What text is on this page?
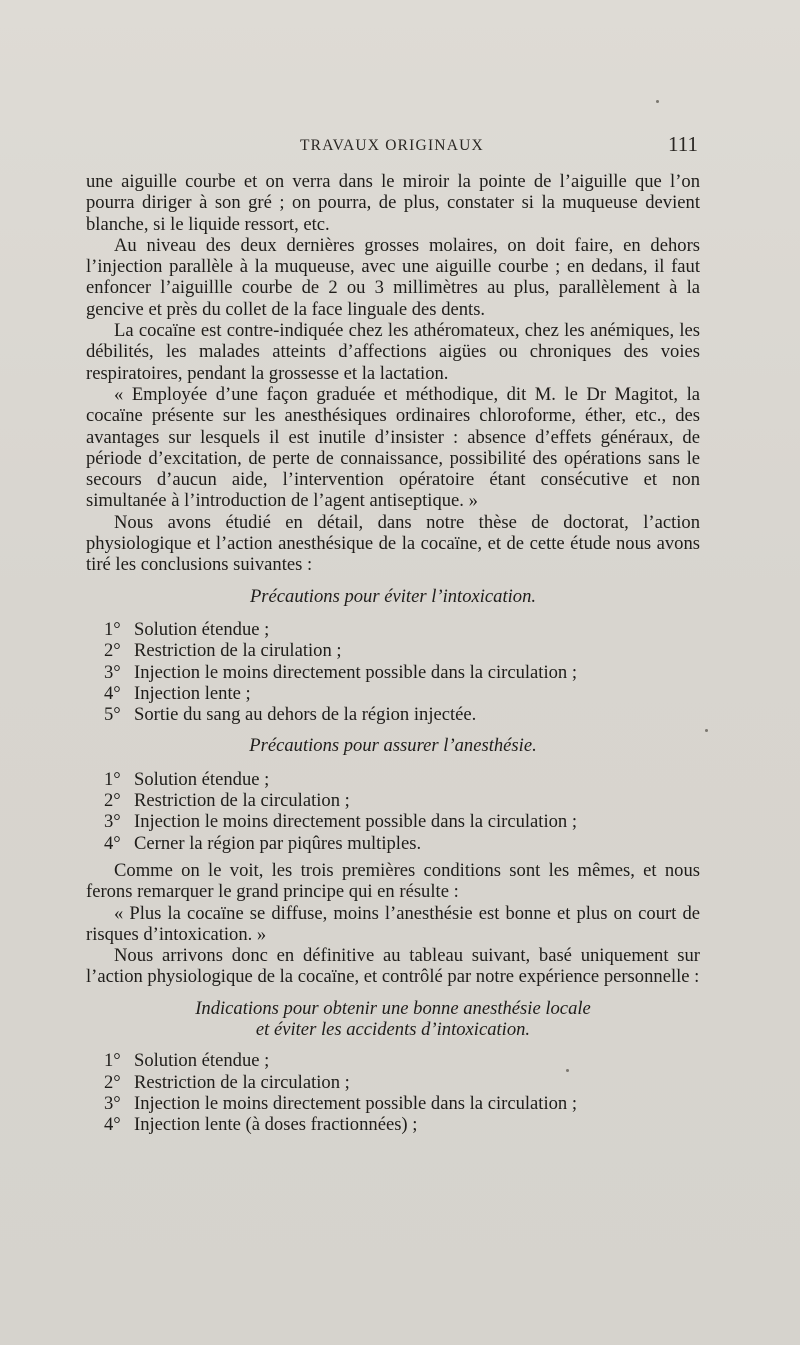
TRAVAUX ORIGINAUX	111

une aiguille courbe et on verra dans le miroir la pointe de l’aiguille que l’on pourra diriger à son gré ; on pourra, de plus, constater si la muqueuse devient blanche, si le liquide ressort, etc.

Au niveau des deux dernières grosses molaires, on doit faire, en dehors l’injection parallèle à la muqueuse, avec une aiguille courbe ; en dedans, il faut enfoncer l’aiguillle courbe de 2 ou 3 millimètres au plus, parallèlement à la gencive et près du collet de la face linguale des dents.

La cocaïne est contre-indiquée chez les athéromateux, chez les anémiques, les débilités, les malades atteints d’affections aigües ou chroniques des voies respiratoires, pendant la grossesse et la lactation.

« Employée d’une façon graduée et méthodique, dit M. le Dr Magitot, la cocaïne présente sur les anesthésiques ordinaires chloroforme, éther, etc., des avantages sur lesquels il est inutile d’insister : absence d’effets généraux, de période d’excitation, de perte de connaissance, possibilité des opérations sans le secours d’aucun aide, l’intervention opératoire étant consécutive et non simultanée à l’introduction de l’agent antiseptique. »

Nous avons étudié en détail, dans notre thèse de doctorat, l’action physiologique et l’action anesthésique de la cocaïne, et de cette étude nous avons tiré les conclusions suivantes :

Précautions pour éviter l’intoxication.
1° Solution étendue ;
2° Restriction de la cirulation ;
3° Injection le moins directement possible dans la circulation ;
4° Injection lente ;
5° Sortie du sang au dehors de la région injectée.
Précautions pour assurer l’anesthésie.
1° Solution étendue ;
2° Restriction de la circulation ;
3° Injection le moins directement possible dans la circulation ;
4° Cerner la région par piqûres multiples.

Comme on le voit, les trois premières conditions sont les mêmes, et nous ferons remarquer le grand principe qui en résulte :

« Plus la cocaïne se diffuse, moins l’anesthésie est bonne et plus on court de risques d’intoxication. »

Nous arrivons donc en définitive au tableau suivant, basé uniquement sur l’action physiologique de la cocaïne, et contrôlé par notre expérience personnelle :

Indications pour obtenir une bonne anesthésie locale
et éviter les accidents d’intoxication.
1° Solution étendue ;
2° Restriction de la circulation ;
3° Injection le moins directement possible dans la circulation ;
4° Injection lente (à doses fractionnées) ;
